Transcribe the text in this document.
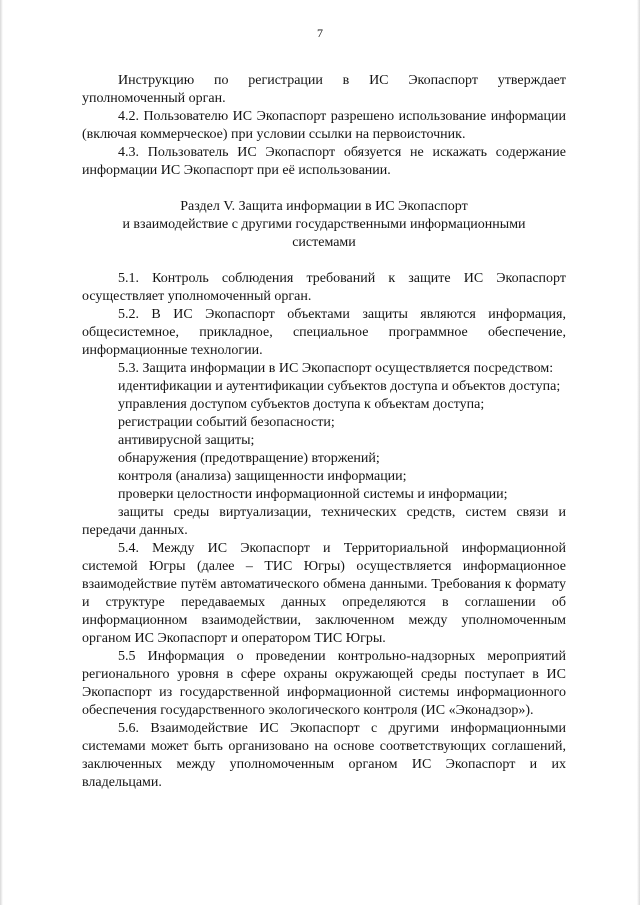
7

Инструкцию по регистрации в ИС Экопаспорт утверждает уполномоченный орган.

4.2. Пользователю ИС Экопаспорт разрешено использование информации (включая коммерческое) при условии ссылки на первоисточник.

4.3. Пользователь ИС Экопаспорт обязуется не искажать содержание информации ИС Экопаспорт при её использовании.

Раздел V. Защита информации в ИС Экопаспорт
и взаимодействие с другими государственными информационными
системами

5.1. Контроль соблюдения требований к защите ИС Экопаспорт осуществляет уполномоченный орган.

5.2. В ИС Экопаспорт объектами защиты являются информация, общесистемное, прикладное, специальное программное обеспечение, информационные технологии.

5.3. Защита информации в ИС Экопаспорт осуществляется посредством:

идентификации и аутентификации субъектов доступа и объектов доступа;

управления доступом субъектов доступа к объектам доступа;

регистрации событий безопасности;

антивирусной защиты;

обнаружения (предотвращение) вторжений;

контроля (анализа) защищенности информации;

проверки целостности информационной системы и информации;

защиты среды виртуализации, технических средств, систем связи и передачи данных.

5.4. Между ИС Экопаспорт и Территориальной информационной системой Югры (далее – ТИС Югры) осуществляется информационное взаимодействие путём автоматического обмена данными. Требования к формату и структуре передаваемых данных определяются в соглашении об информационном взаимодействии, заключенном между уполномоченным органом ИС Экопаспорт и оператором ТИС Югры.

5.5 Информация о проведении контрольно-надзорных мероприятий регионального уровня в сфере охраны окружающей среды поступает в ИС Экопаспорт из государственной информационной системы информационного обеспечения государственного экологического контроля (ИС «Эконадзор»).

5.6. Взаимодействие ИС Экопаспорт с другими информационными системами может быть организовано на основе соответствующих соглашений, заключенных между уполномоченным органом ИС Экопаспорт и их владельцами.
